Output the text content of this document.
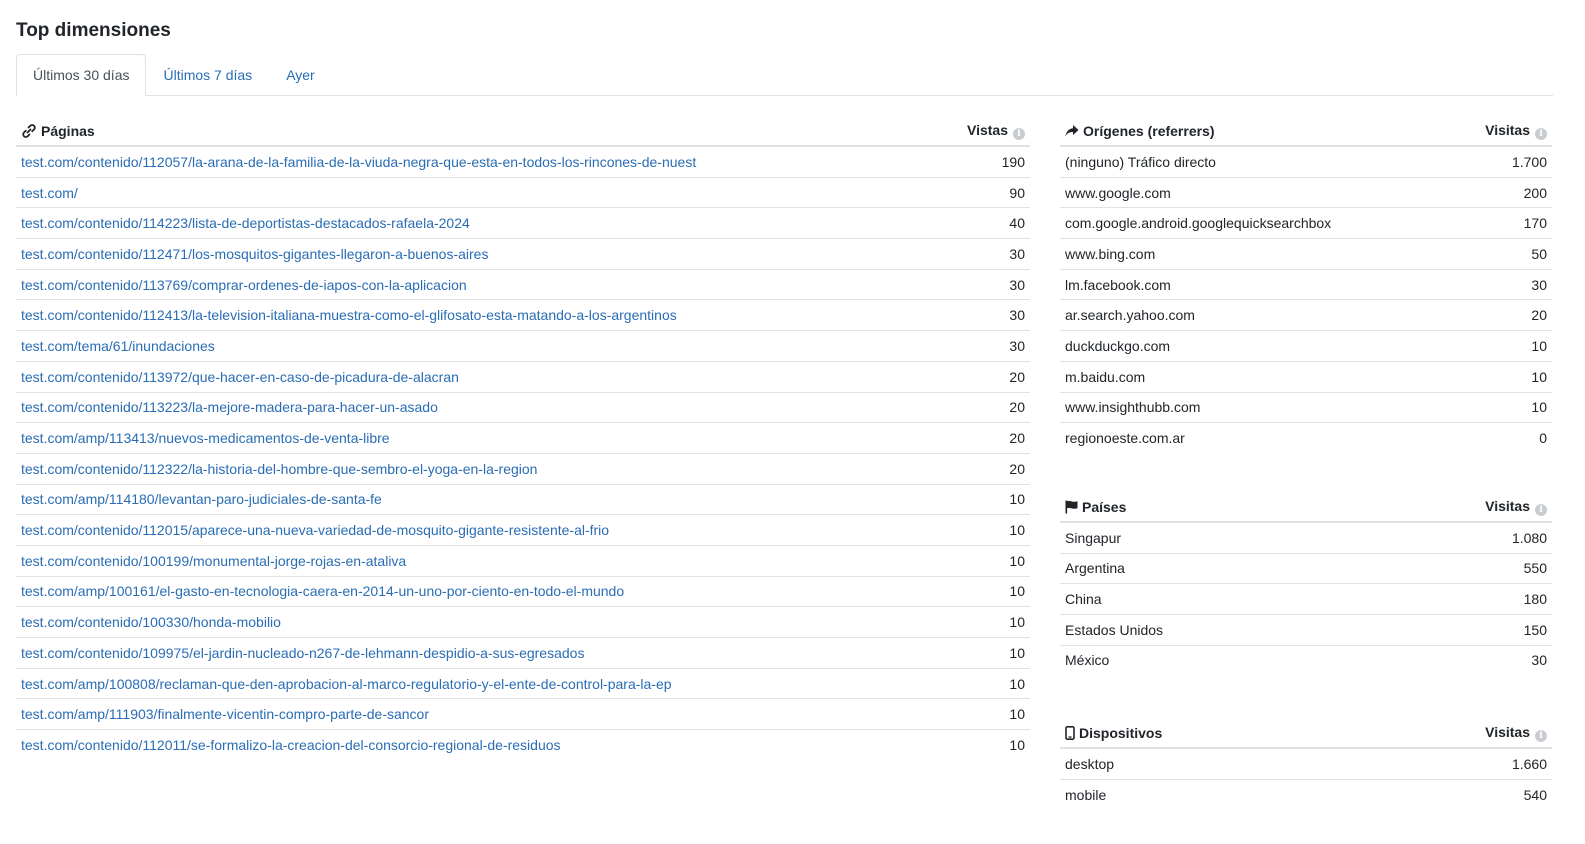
Top dimensiones
Últimos 30 días	Últimos 7 días	Ayer
Páginas	Vistas i
test.com/contenido/112057/la-arana-de-la-familia-de-la-viuda-negra-que-esta-en-todos-los-rincones-de-nuest	190
test.com/	90
test.com/contenido/114223/lista-de-deportistas-destacados-rafaela-2024	40
test.com/contenido/112471/los-mosquitos-gigantes-llegaron-a-buenos-aires	30
test.com/contenido/113769/comprar-ordenes-de-iapos-con-la-aplicacion	30
test.com/contenido/112413/la-television-italiana-muestra-como-el-glifosato-esta-matando-a-los-argentinos	30
test.com/tema/61/inundaciones	30
test.com/contenido/113972/que-hacer-en-caso-de-picadura-de-alacran	20
test.com/contenido/113223/la-mejore-madera-para-hacer-un-asado	20
test.com/amp/113413/nuevos-medicamentos-de-venta-libre	20
test.com/contenido/112322/la-historia-del-hombre-que-sembro-el-yoga-en-la-region	20
test.com/amp/114180/levantan-paro-judiciales-de-santa-fe	10
test.com/contenido/112015/aparece-una-nueva-variedad-de-mosquito-gigante-resistente-al-frio	10
test.com/contenido/100199/monumental-jorge-rojas-en-ataliva	10
test.com/amp/100161/el-gasto-en-tecnologia-caera-en-2014-un-uno-por-ciento-en-todo-el-mundo	10
test.com/contenido/100330/honda-mobilio	10
test.com/contenido/109975/el-jardin-nucleado-n267-de-lehmann-despidio-a-sus-egresados	10
test.com/amp/100808/reclaman-que-den-aprobacion-al-marco-regulatorio-y-el-ente-de-control-para-la-ep	10
test.com/amp/111903/finalmente-vicentin-compro-parte-de-sancor	10
test.com/contenido/112011/se-formalizo-la-creacion-del-consorcio-regional-de-residuos	10
Orígenes (referrers)	Visitas i
(ninguno) Tráfico directo	1.700
www.google.com	200
com.google.android.googlequicksearchbox	170
www.bing.com	50
lm.facebook.com	30
ar.search.yahoo.com	20
duckduckgo.com	10
m.baidu.com	10
www.insighthubb.com	10
regionoeste.com.ar	0
Países	Visitas i
Singapur	1.080
Argentina	550
China	180
Estados Unidos	150
México	30
Dispositivos	Visitas i
desktop	1.660
mobile	540
